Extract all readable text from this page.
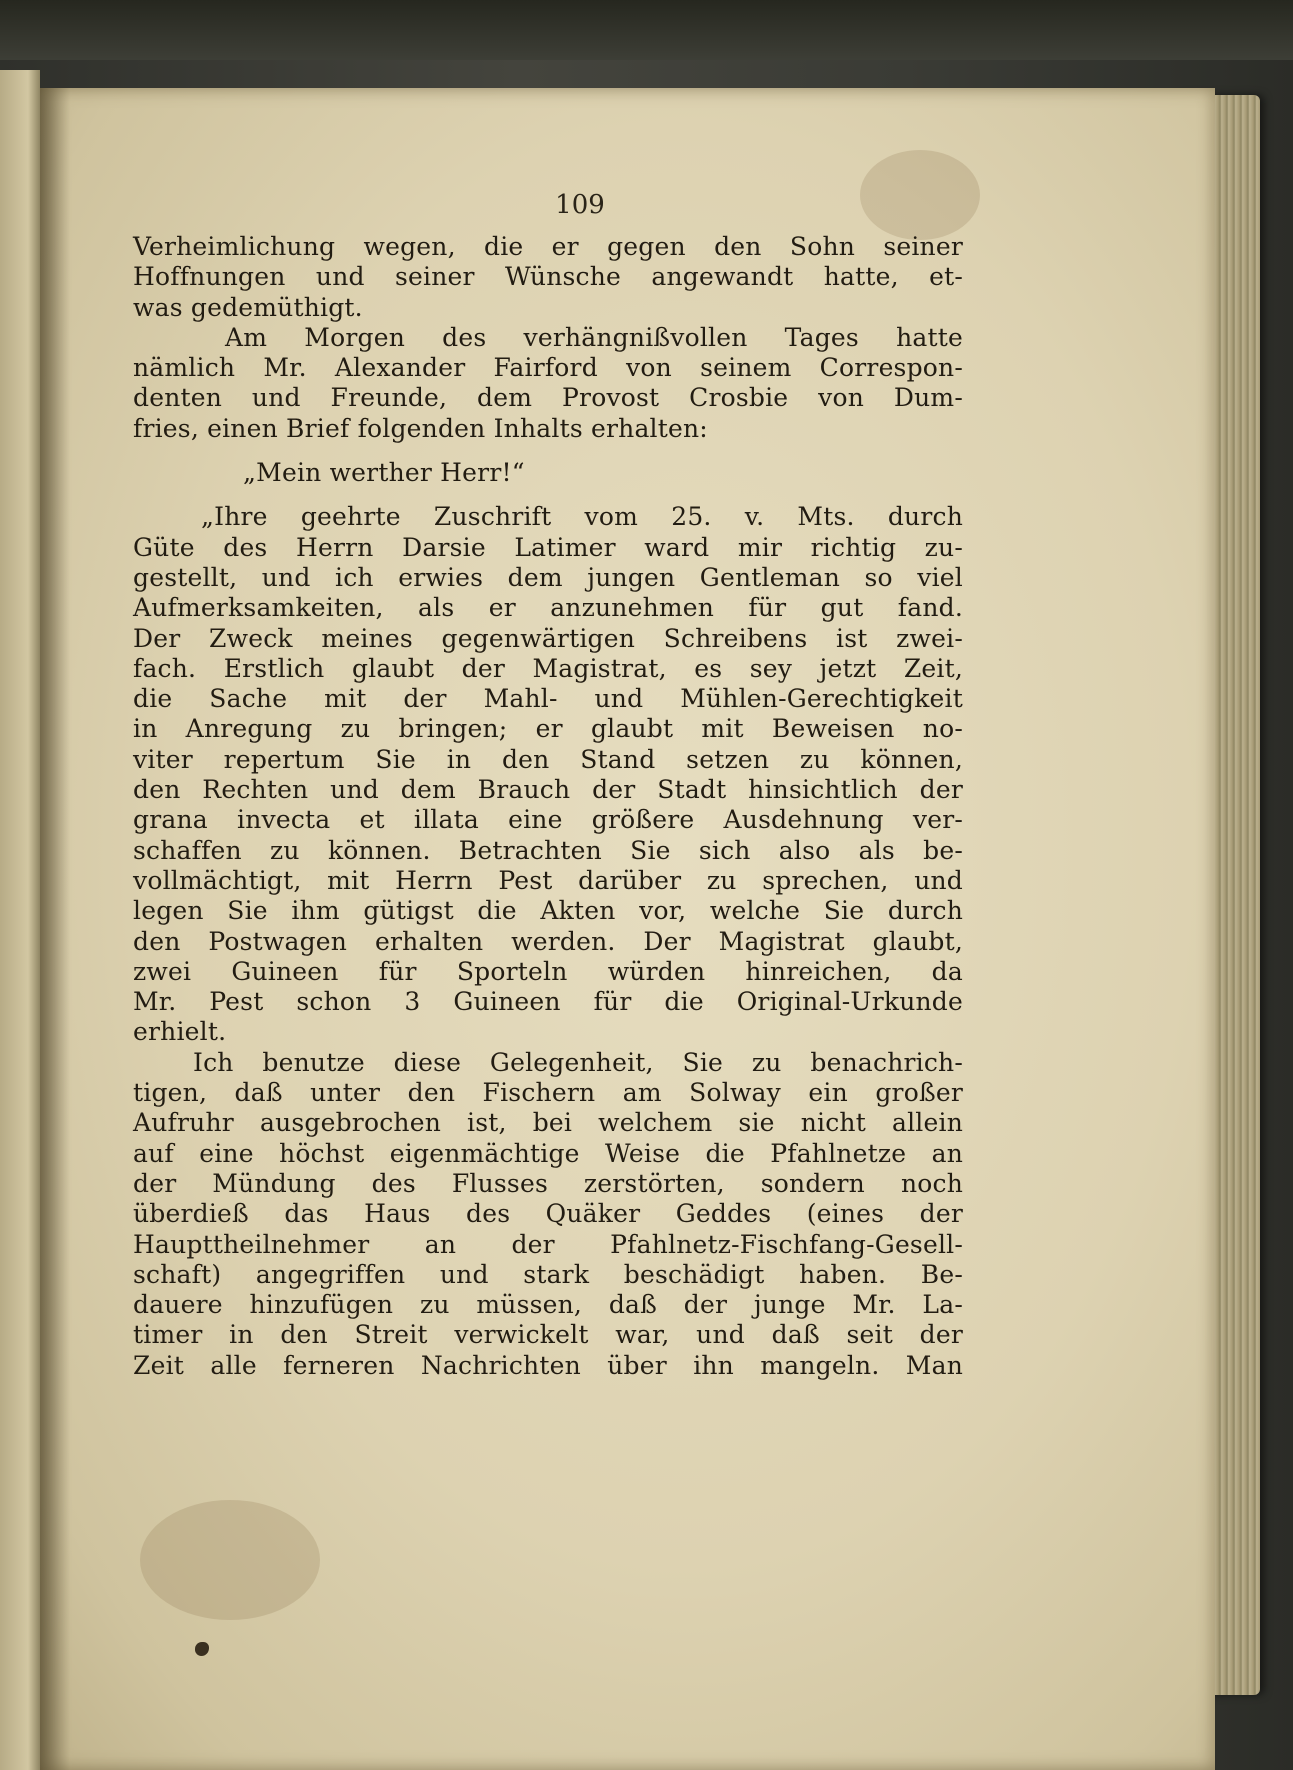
109
Verheimlichung wegen, die er gegen den Sohn seiner
Hoffnungen und seiner Wünsche angewandt hatte, et-
was gedemüthigt.
Am Morgen des verhängnißvollen Tages hatte
nämlich Mr. Alexander Fairford von seinem Correspon-
denten und Freunde, dem Provost Crosbie von Dum-
fries, einen Brief folgenden Inhalts erhalten:
„Mein werther Herr!“
„Ihre geehrte Zuschrift vom 25. v. Mts. durch
Güte des Herrn Darsie Latimer ward mir richtig zu-
gestellt, und ich erwies dem jungen Gentleman so viel
Aufmerksamkeiten, als er anzunehmen für gut fand.
Der Zweck meines gegenwärtigen Schreibens ist zwei-
fach. Erstlich glaubt der Magistrat, es sey jetzt Zeit,
die Sache mit der Mahl- und Mühlen-Gerechtigkeit
in Anregung zu bringen; er glaubt mit Beweisen no-
viter repertum Sie in den Stand setzen zu können,
den Rechten und dem Brauch der Stadt hinsichtlich der
grana invecta et illata eine größere Ausdehnung ver-
schaffen zu können. Betrachten Sie sich also als be-
vollmächtigt, mit Herrn Pest darüber zu sprechen, und
legen Sie ihm gütigst die Akten vor, welche Sie durch
den Postwagen erhalten werden. Der Magistrat glaubt,
zwei Guineen für Sporteln würden hinreichen, da
Mr. Pest schon 3 Guineen für die Original-Urkunde
erhielt.
Ich benutze diese Gelegenheit, Sie zu benachrich-
tigen, daß unter den Fischern am Solway ein großer
Aufruhr ausgebrochen ist, bei welchem sie nicht allein
auf eine höchst eigenmächtige Weise die Pfahlnetze an
der Mündung des Flusses zerstörten, sondern noch
überdieß das Haus des Quäker Geddes (eines der
Haupttheilnehmer an der Pfahlnetz-Fischfang-Gesell-
schaft) angegriffen und stark beschädigt haben. Be-
dauere hinzufügen zu müssen, daß der junge Mr. La-
timer in den Streit verwickelt war, und daß seit der
Zeit alle ferneren Nachrichten über ihn mangeln. Man
